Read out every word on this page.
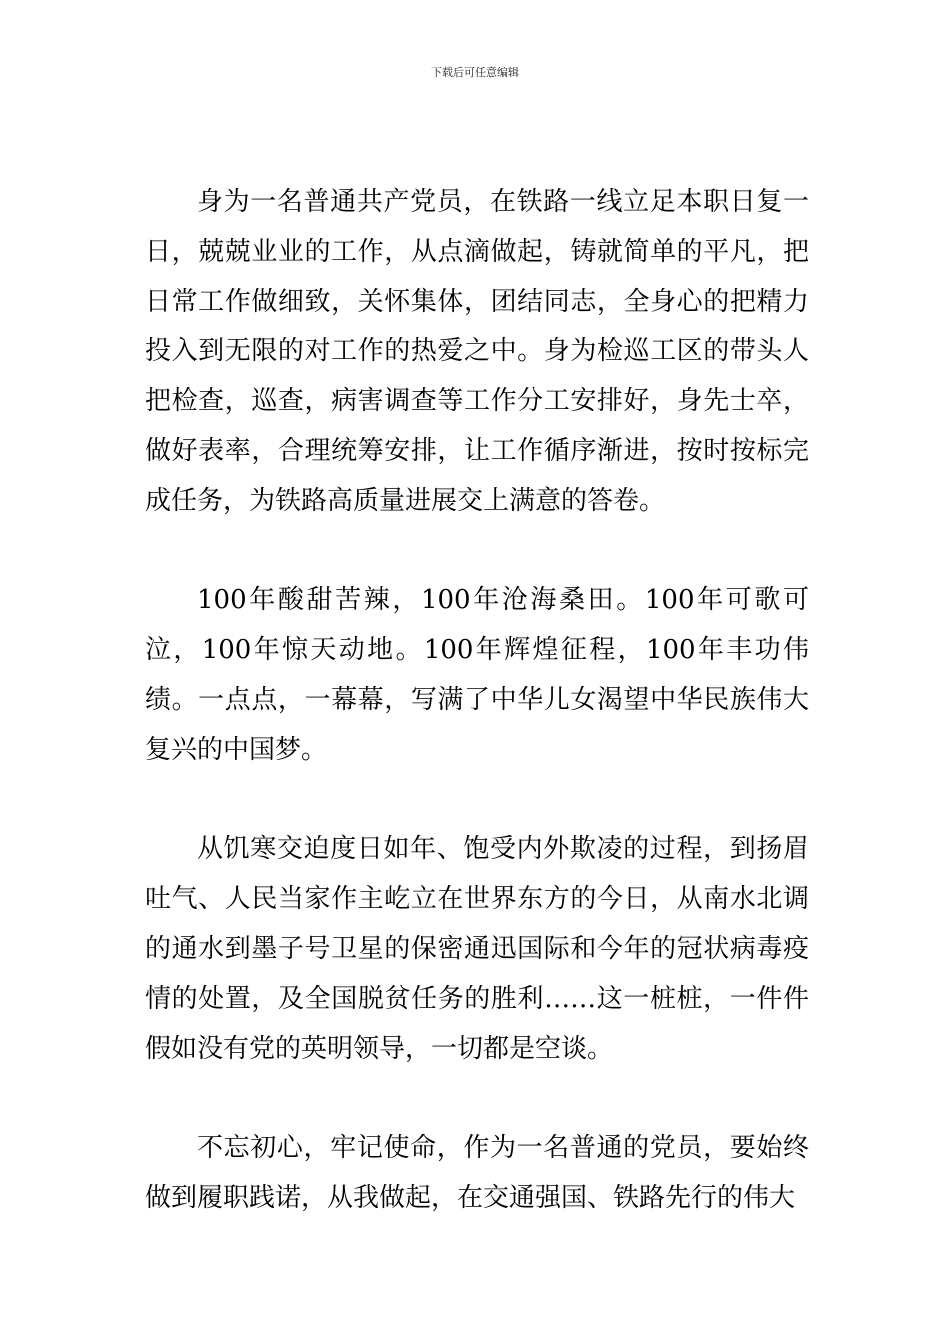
下载后可任意编辑

身为一名普通共产党员，在铁路一线立足本职日复一日，兢兢业业的工作，从点滴做起，铸就简单的平凡，把日常工作做细致，关怀集体，团结同志，全身心的把精力投入到无限的对工作的热爱之中。身为检巡工区的带头人把检查，巡查，病害调查等工作分工安排好，身先士卒，做好表率，合理统筹安排，让工作循序渐进，按时按标完成任务，为铁路高质量进展交上满意的答卷。

100年酸甜苦辣，100年沧海桑田。100年可歌可泣，100年惊天动地。100年辉煌征程，100年丰功伟绩。一点点，一幕幕，写满了中华儿女渴望中华民族伟大复兴的中国梦。

从饥寒交迫度日如年、饱受内外欺凌的过程，到扬眉吐气、人民当家作主屹立在世界东方的今日，从南水北调的通水到墨子号卫星的保密通迅国际和今年的冠状病毒疫情的处置，及全国脱贫任务的胜利……这一桩桩，一件件假如没有党的英明领导，一切都是空谈。

不忘初心，牢记使命，作为一名普通的党员，要始终做到履职践诺，从我做起，在交通强国、铁路先行的伟大
